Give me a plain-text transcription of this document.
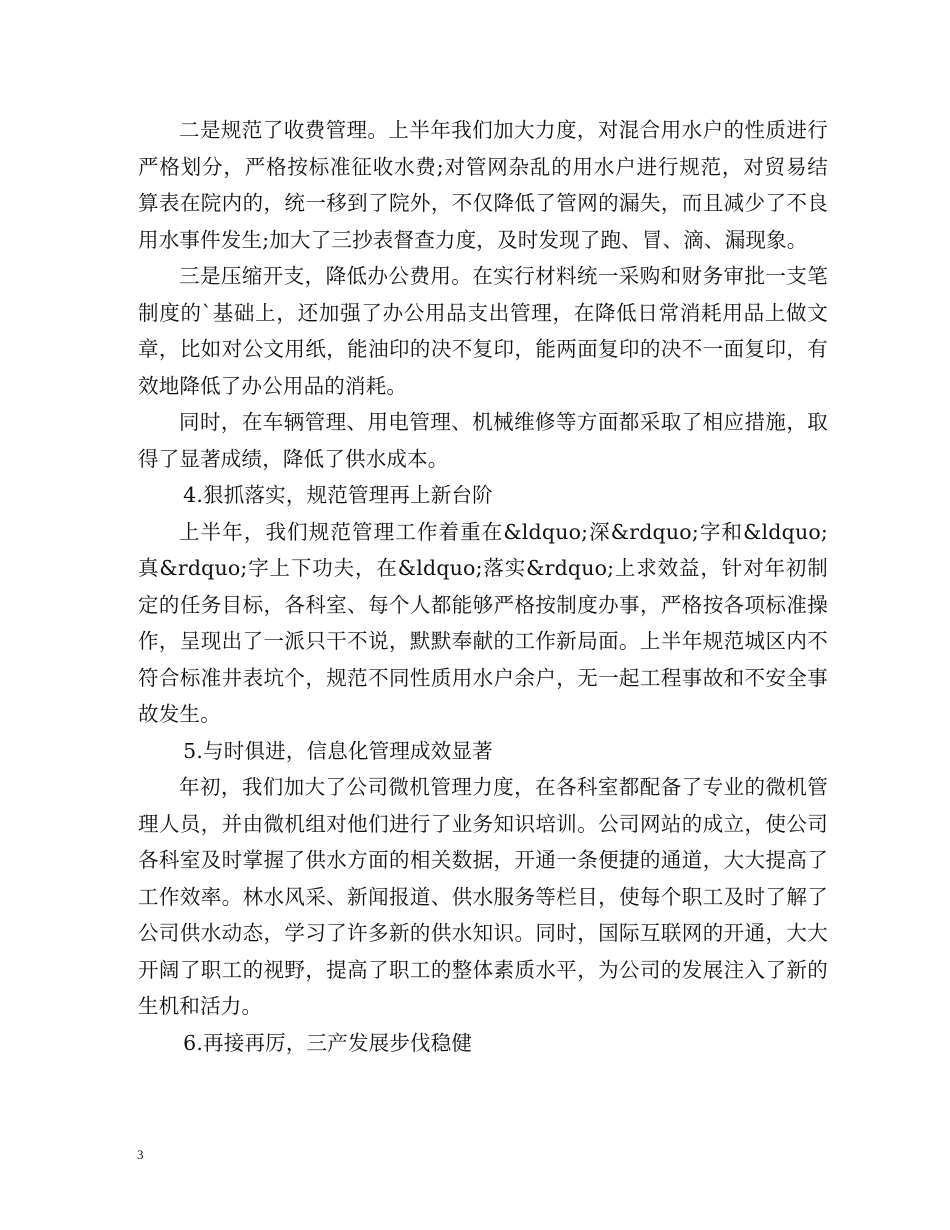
二是规范了收费管理。上半年我们加大力度，对混合用水户的性质进行严格划分，严格按标准征收水费;对管网杂乱的用水户进行规范，对贸易结算表在院内的，统一移到了院外，不仅降低了管网的漏失，而且减少了不良用水事件发生;加大了三抄表督查力度，及时发现了跑、冒、滴、漏现象。

三是压缩开支，降低办公费用。在实行材料统一采购和财务审批一支笔制度的`基础上，还加强了办公用品支出管理，在降低日常消耗用品上做文章，比如对公文用纸，能油印的决不复印，能两面复印的决不一面复印，有效地降低了办公用品的消耗。

同时，在车辆管理、用电管理、机械维修等方面都采取了相应措施，取得了显著成绩，降低了供水成本。

4.狠抓落实，规范管理再上新台阶

上半年，我们规范管理工作着重在&ldquo;深&rdquo;字和&ldquo;真&rdquo;字上下功夫，在&ldquo;落实&rdquo;上求效益，针对年初制定的任务目标，各科室、每个人都能够严格按制度办事，严格按各项标准操作，呈现出了一派只干不说，默默奉献的工作新局面。上半年规范城区内不符合标准井表坑个，规范不同性质用水户余户，无一起工程事故和不安全事故发生。

5.与时俱进，信息化管理成效显著

年初，我们加大了公司微机管理力度，在各科室都配备了专业的微机管理人员，并由微机组对他们进行了业务知识培训。公司网站的成立，使公司各科室及时掌握了供水方面的相关数据，开通一条便捷的通道，大大提高了工作效率。林水风采、新闻报道、供水服务等栏目，使每个职工及时了解了公司供水动态，学习了许多新的供水知识。同时，国际互联网的开通，大大开阔了职工的视野，提高了职工的整体素质水平，为公司的发展注入了新的生机和活力。

6.再接再厉，三产发展步伐稳健

3
